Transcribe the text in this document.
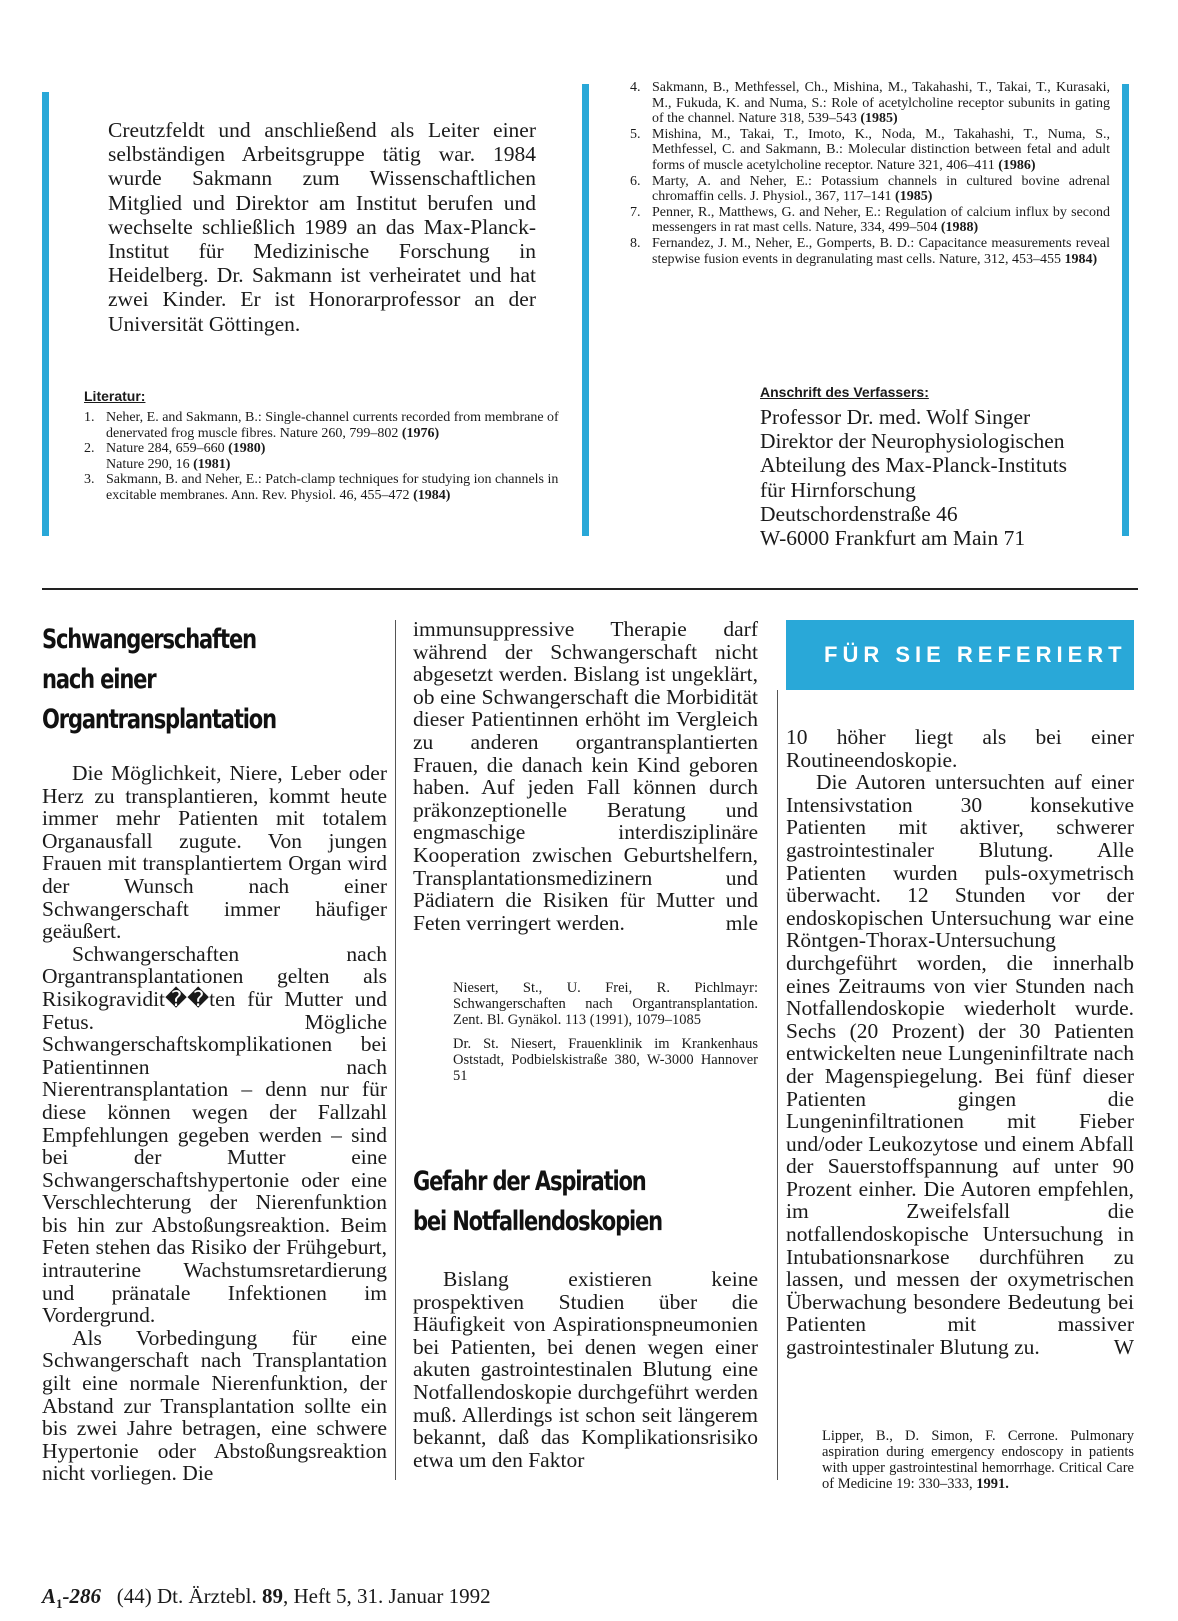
Creutzfeldt und anschließend als Leiter einer selbständigen Arbeitsgruppe tätig war. 1984 wurde Sakmann zum Wissenschaftlichen Mitglied und Direktor am Institut berufen und wechselte schließlich 1989 an das Max-Planck-Institut für Medizinische Forschung in Heidelberg. Dr. Sakmann ist verheiratet und hat zwei Kinder. Er ist Honorarprofessor an der Universität Göttingen.

Literatur:
1. Neher, E. and Sakmann, B.: Single-channel currents recorded from membrane of denervated frog muscle fibres. Nature 260, 799–802 (1976)
2. Nature 284, 659–660 (1980)
Nature 290, 16 (1981)
3. Sakmann, B. and Neher, E.: Patch-clamp techniques for studying ion channels in excitable membranes. Ann. Rev. Physiol. 46, 455–472 (1984)
4. Sakmann, B., Methfessel, Ch., Mishina, M., Takahashi, T., Takai, T., Kurasaki, M., Fukuda, K. and Numa, S.: Role of acetylcholine receptor subunits in gating of the channel. Nature 318, 539–543 (1985)
5. Mishina, M., Takai, T., Imoto, K., Noda, M., Takahashi, T., Numa, S., Methfessel, C. and Sakmann, B.: Molecular distinction between fetal and adult forms of muscle acetylcholine receptor. Nature 321, 406–411 (1986)
6. Marty, A. and Neher, E.: Potassium channels in cultured bovine adrenal chromaffin cells. J. Physiol., 367, 117–141 (1985)
7. Penner, R., Matthews, G. and Neher, E.: Regulation of calcium influx by second messengers in rat mast cells. Nature, 334, 499–504 (1988)
8. Fernandez, J. M., Neher, E., Gomperts, B. D.: Capacitance measurements reveal stepwise fusion events in degranulating mast cells. Nature, 312, 453–455 1984)
Anschrift des Verfassers:
Professor Dr. med. Wolf Singer
Direktor der Neurophysiologischen
Abteilung des Max-Planck-Instituts
für Hirnforschung
Deutschordenstraße 46
W-6000 Frankfurt am Main 71
Schwangerschaften
nach einer
Organtransplantation

Die Möglichkeit, Niere, Leber oder Herz zu transplantieren, kommt heute immer mehr Patienten mit totalem Organausfall zugute. Von jungen Frauen mit transplantiertem Organ wird der Wunsch nach einer Schwangerschaft immer häufiger geäußert.

Schwangerschaften nach Organtransplantationen gelten als Risikogravidit��ten für Mutter und Fetus. Mögliche Schwangerschaftskomplikationen bei Patientinnen nach Nierentransplantation – denn nur für diese können wegen der Fallzahl Empfehlungen gegeben werden – sind bei der Mutter eine Schwangerschaftshypertonie oder eine Verschlechterung der Nierenfunktion bis hin zur Abstoßungsreaktion. Beim Feten stehen das Risiko der Frühgeburt, intrauterine Wachstumsretardierung und pränatale Infektionen im Vordergrund.

Als Vorbedingung für eine Schwangerschaft nach Transplantation gilt eine normale Nierenfunktion, der Abstand zur Transplantation sollte ein bis zwei Jahre betragen, eine schwere Hypertonie oder Abstoßungsreaktion nicht vorliegen. Die

immunsuppressive Therapie darf während der Schwangerschaft nicht abgesetzt werden. Bislang ist ungeklärt, ob eine Schwangerschaft die Morbidität dieser Patientinnen erhöht im Vergleich zu anderen organtransplantierten Frauen, die danach kein Kind geboren haben. Auf jeden Fall können durch präkonzeptionelle Beratung und engmaschige interdisziplinäre Kooperation zwischen Geburtshelfern, Transplantationsmedizinern und Pädiatern die Risiken für Mutter und Feten verringert werden.	mle

Niesert, St., U. Frei, R. Pichlmayr: Schwangerschaften nach Organtransplantation. Zent. Bl. Gynäkol. 113 (1991), 1079–1085

Dr. St. Niesert, Frauenklinik im Krankenhaus Oststadt, Podbielskistraße 380, W-3000 Hannover 51

Gefahr der Aspiration
bei Notfallendoskopien

Bislang existieren keine prospektiven Studien über die Häufigkeit von Aspirationspneumonien bei Patienten, bei denen wegen einer akuten gastrointestinalen Blutung eine Notfallendoskopie durchgeführt werden muß. Allerdings ist schon seit längerem bekannt, daß das Komplikationsrisiko etwa um den Faktor

FÜR SIE REFERIERT

10 höher liegt als bei einer Routineendoskopie.

Die Autoren untersuchten auf einer Intensivstation 30 konsekutive Patienten mit aktiver, schwerer gastrointestinaler Blutung. Alle Patienten wurden puls-oxymetrisch überwacht. 12 Stunden vor der endoskopischen Untersuchung war eine Röntgen-Thorax-Untersuchung durchgeführt worden, die innerhalb eines Zeitraums von vier Stunden nach Notfallendoskopie wiederholt wurde. Sechs (20 Prozent) der 30 Patienten entwickelten neue Lungeninfiltrate nach der Magenspiegelung. Bei fünf dieser Patienten gingen die Lungeninfiltrationen mit Fieber und/oder Leukozytose und einem Abfall der Sauerstoffspannung auf unter 90 Prozent einher. Die Autoren empfehlen, im Zweifelsfall die notfallendoskopische Untersuchung in Intubationsnarkose durchführen zu lassen, und messen der oxymetrischen Überwachung besondere Bedeutung bei Patienten mit massiver gastrointestinaler Blutung zu.	W

Lipper, B., D. Simon, F. Cerrone. Pulmonary aspiration during emergency endoscopy in patients with upper gastrointestinal hemorrhage. Critical Care of Medicine 19: 330–333, 1991.

$A_1-286$ (44) Dt. Ärztebl. 89, Heft 5, 31. Januar 1992
